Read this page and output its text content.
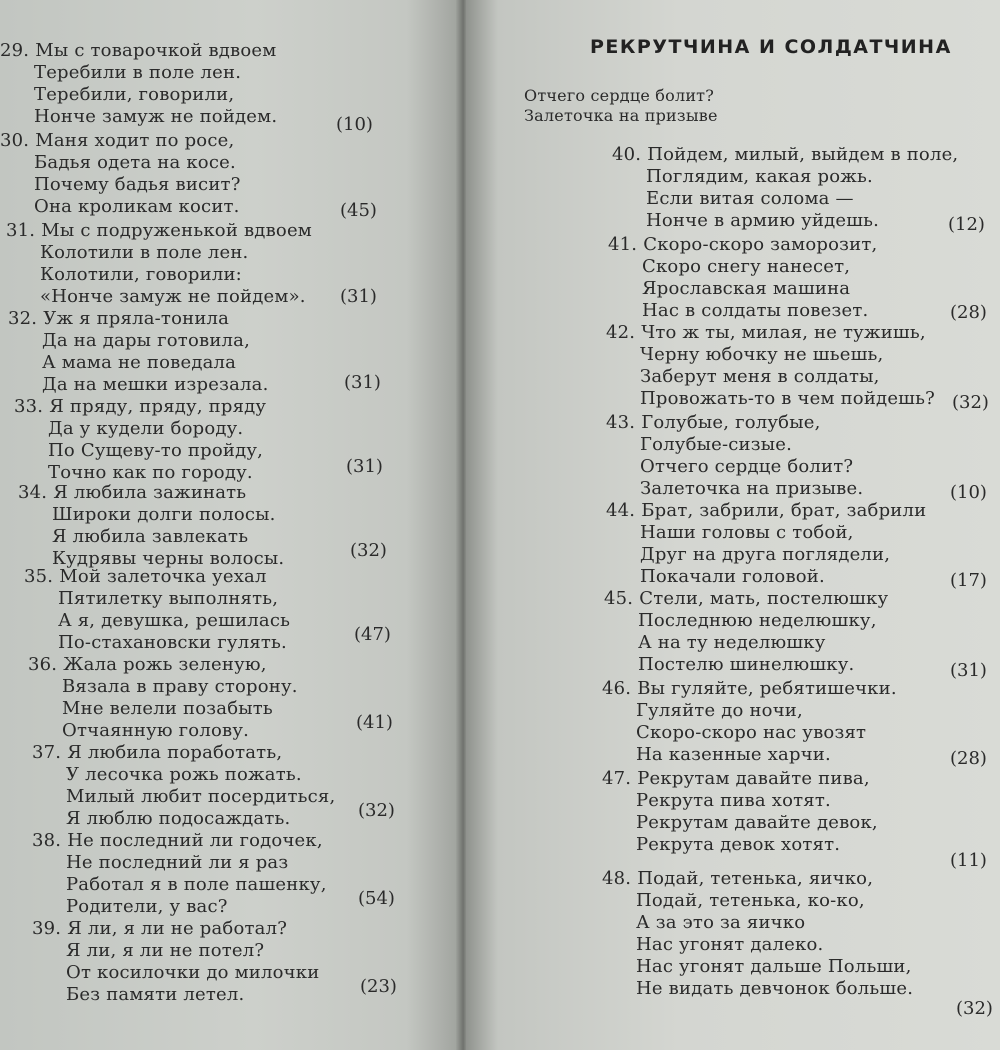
29. Мы с товарочкой вдвоем
Теребили в поле лен.
Теребили, говорили,
Нонче замуж не пойдем.	(10)
30. Маня ходит по росе,
Бадья одета на косе.
Почему бадья висит?
Она кроликам косит.	(45)
31. Мы с подруженькой вдвоем
Колотили в поле лен.
Колотили, говорили:
«Нонче замуж не пойдем».	(31)
32. Уж я пряла-тонила
Да на дары готовила,
А мама не поведала
Да на мешки изрезала.	(31)
33. Я пряду, пряду, пряду
Да у кудели бороду.
По Сущеву-то пройду,
Точно как по городу.	(31)
34. Я любила зажинать
Широки долги полосы.
Я любила завлекать
Кудрявы черны волосы.	(32)
35. Мой залеточка уехал
Пятилетку выполнять,
А я, девушка, решилась
По-стахановски гулять.	(47)
36. Жала рожь зеленую,
Вязала в праву сторону.
Мне велели позабыть
Отчаянную голову.	(41)
37. Я любила поработать,
У лесочка рожь пожать.
Милый любит посердиться,
Я люблю подосаждать.	(32)
38. Не последний ли годочек,
Не последний ли я раз
Работал я в поле пашенку,
Родители, у вас?	(54)
39. Я ли, я ли не работал?
Я ли, я ли не потел?
От косилочки до милочки
Без памяти летел.	(23)
РЕКРУТЧИНА И СОЛДАТЧИНА
Отчего сердце болит?
Залеточка на призыве
40. Пойдем, милый, выйдем в поле,
Поглядим, какая рожь.
Если витая солома —
Нонче в армию уйдешь.	(12)
41. Скоро-скоро заморозит,
Скоро снегу нанесет,
Ярославская машина
Нас в солдаты повезет.	(28)
42. Что ж ты, милая, не тужишь,
Черну юбочку не шьешь,
Заберут меня в солдаты,
Провожать-то в чем пойдешь? (32)
43. Голубые, голубые,
Голубые-сизые.
Отчего сердце болит?
Залеточка на призыве.	(10)
44. Брат, забрили, брат, забрили
Наши головы с тобой,
Друг на друга поглядели,
Покачали головой.	(17)
45. Стели, мать, постелюшку
Последнюю неделюшку,
А на ту неделюшку
Постелю шинелюшку.	(31)
46. Вы гуляйте, ребятишечки.
Гуляйте до ночи,
Скоро-скоро нас увозят
На казенные харчи.	(28)
47. Рекрутам давайте пива,
Рекрута пива хотят.
Рекрутам давайте девок,
Рекрута девок хотят.
(11)
48. Подай, тетенька, яичко,
Подай, тетенька, ко-ко,
А за это за яичко
Нас угонят далеко.
Нас угонят дальше Польши,
Не видать девчонок больше.
(32)
